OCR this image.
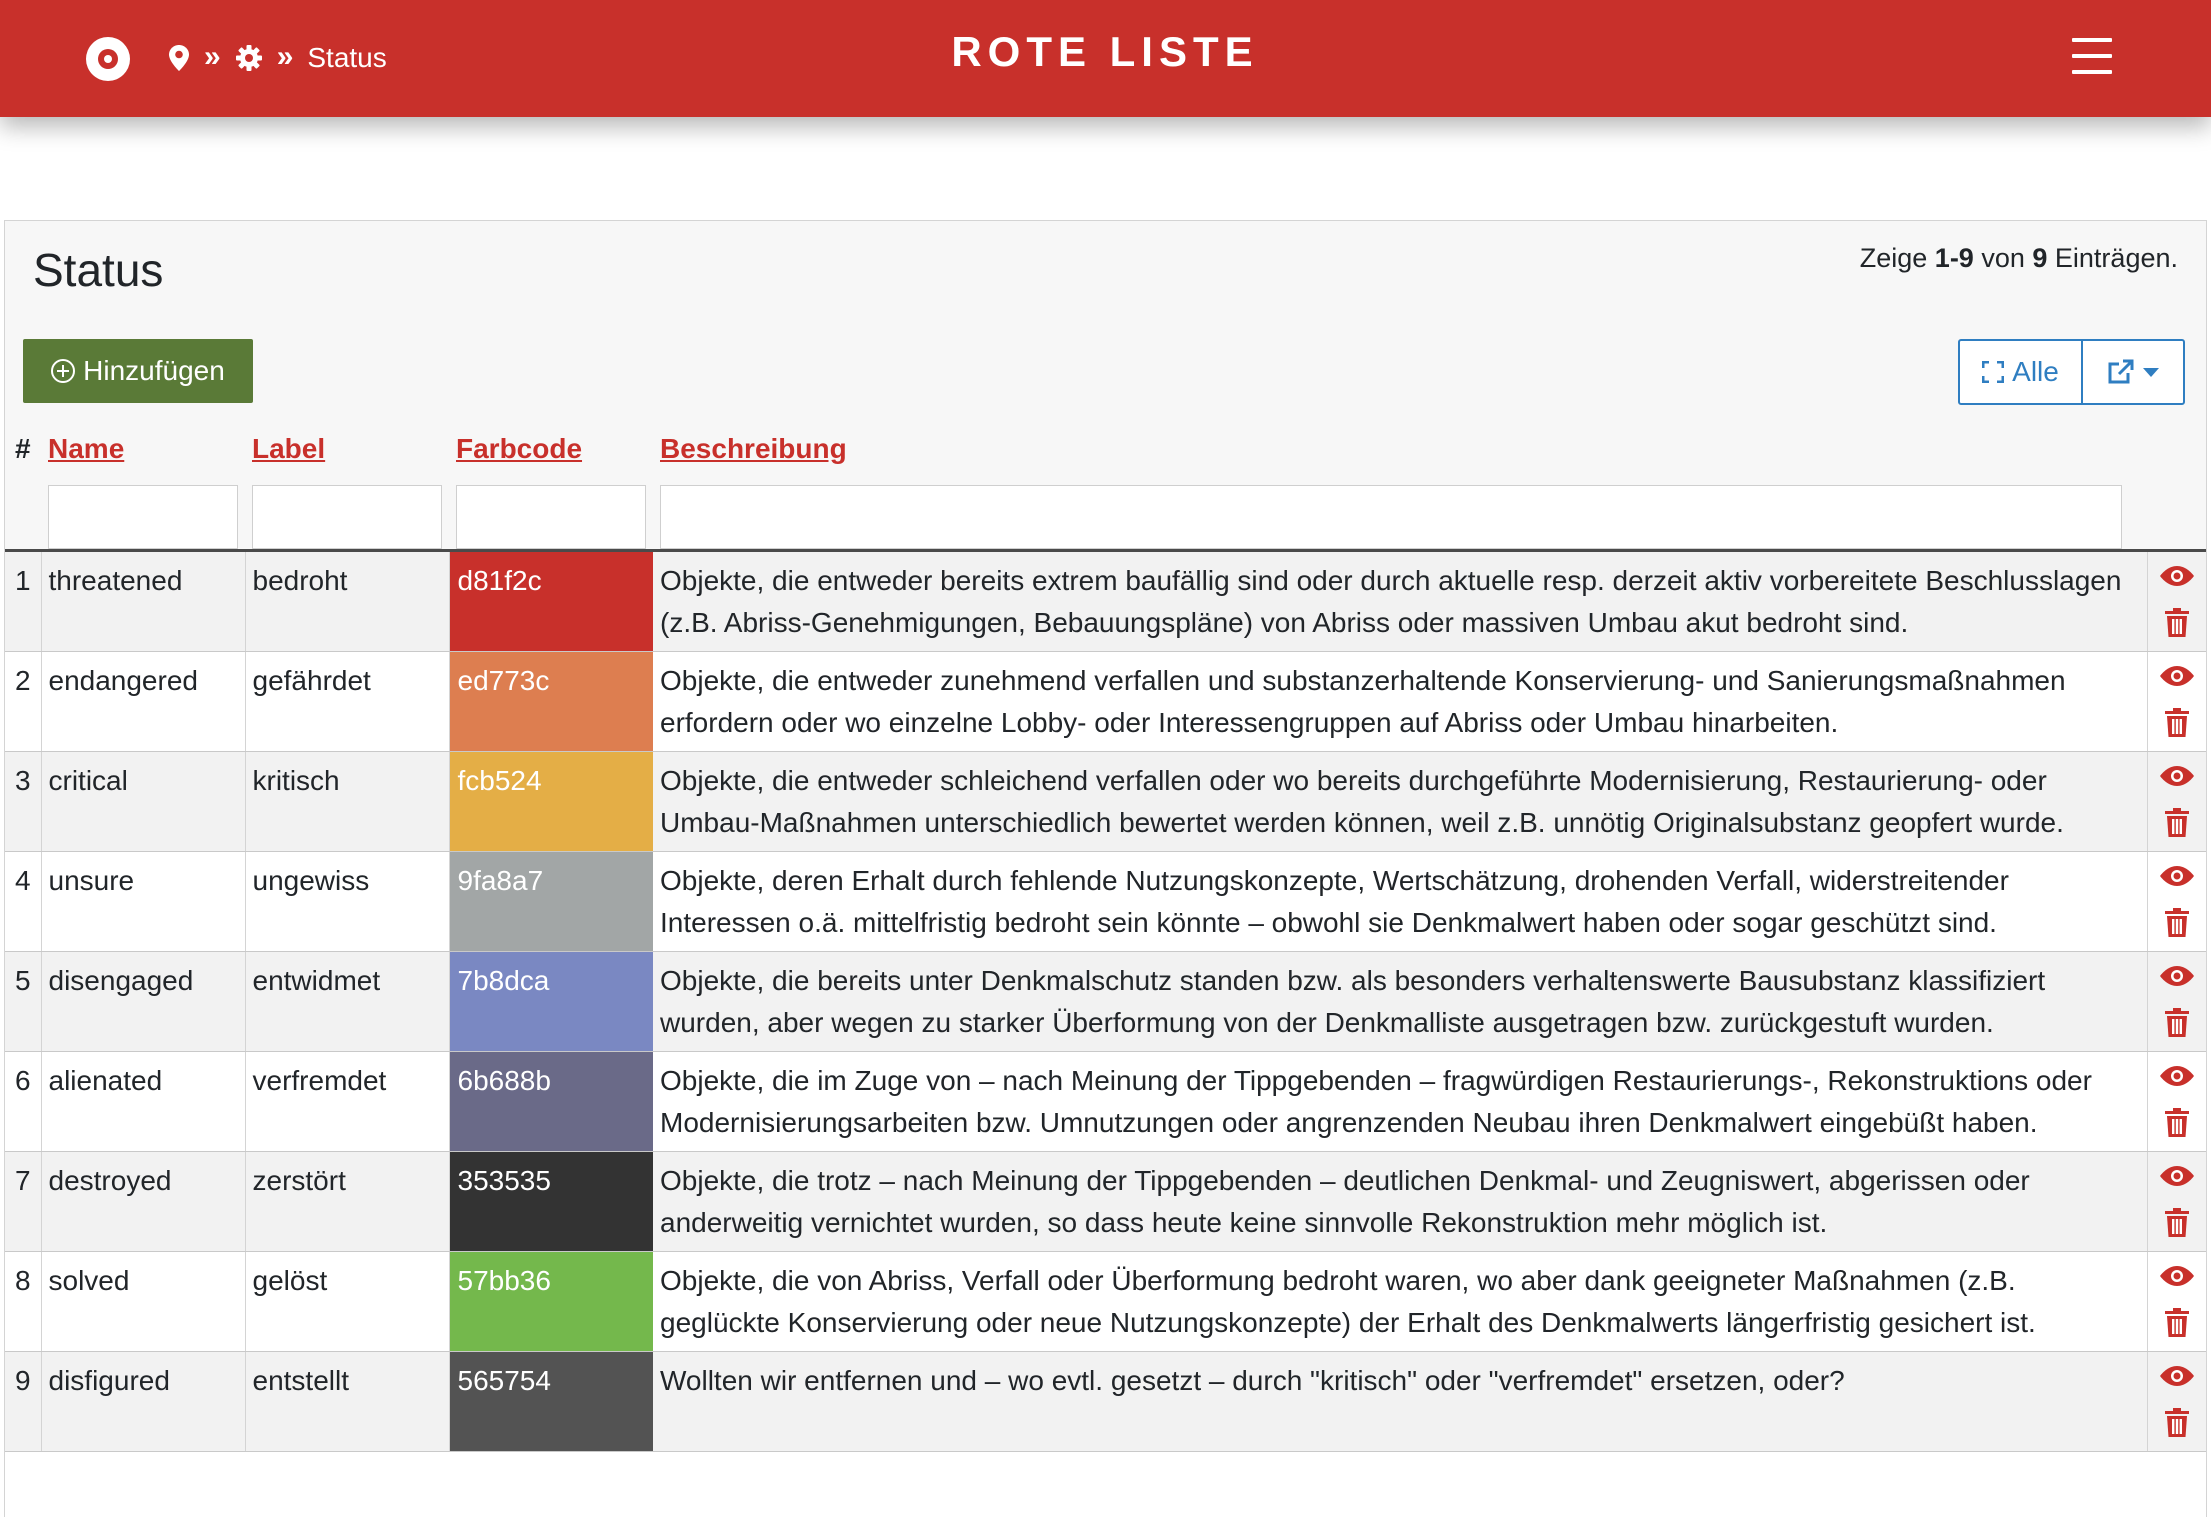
» » Status	ROTE LISTE
Status	Zeige 1-9 von 9 Einträgen.
Hinzufügen	Alle
#	Name	Label	Farbcode	Beschreibung	

1	threatened	bedroht	d81f2c	Objekte, die entweder bereits extrem baufällig sind oder durch aktuelle resp. derzeit aktiv vorbereitete Beschlusslagen (z.B. Abriss-Genehmigungen, Bebauungspläne) von Abriss oder massiven Umbau akut bedroht sind.	

2	endangered	gefährdet	ed773c	Objekte, die entweder zunehmend verfallen und substanzerhaltende Konservierung- und Sanierungsmaßnahmen erfordern oder wo einzelne Lobby- oder Interessengruppen auf Abriss oder Umbau hinarbeiten.	

3	critical	kritisch	fcb524	Objekte, die entweder schleichend verfallen oder wo bereits durchgeführte Modernisierung, Restaurierung- oder Umbau-Maßnahmen unterschiedlich bewertet werden können, weil z.B. unnötig Originalsubstanz geopfert wurde.	

4	unsure	ungewiss	9fa8a7	Objekte, deren Erhalt durch fehlende Nutzungskonzepte, Wertschätzung, drohenden Verfall, widerstreitender Interessen o.ä. mittelfristig bedroht sein könnte – obwohl sie Denkmalwert haben oder sogar geschützt sind.	

5	disengaged	entwidmet	7b8dca	Objekte, die bereits unter Denkmalschutz standen bzw. als besonders verhaltenswerte Bausubstanz klassifiziert wurden, aber wegen zu starker Überformung von der Denkmalliste ausgetragen bzw. zurückgestuft wurden.	

6	alienated	verfremdet	6b688b	Objekte, die im Zuge von – nach Meinung der Tippgebenden – fragwürdigen Restaurierungs-, Rekonstruktions oder Modernisierungsarbeiten bzw. Umnutzungen oder angrenzenden Neubau ihren Denkmalwert eingebüßt haben.	

7	destroyed	zerstört	353535	Objekte, die trotz – nach Meinung der Tippgebenden – deutlichen Denkmal- und Zeugniswert, abgerissen oder anderweitig vernichtet wurden, so dass heute keine sinnvolle Rekonstruktion mehr möglich ist.	

8	solved	gelöst	57bb36	Objekte, die von Abriss, Verfall oder Überformung bedroht waren, wo aber dank geeigneter Maßnahmen (z.B. geglückte Konservierung oder neue Nutzungskonzepte) der Erhalt des Denkmalwerts längerfristig gesichert ist.	

9	disfigured	entstellt	565754	Wollten wir entfernen und – wo evtl. gesetzt – durch "kritisch" oder "verfremdet" ersetzen, oder?	
